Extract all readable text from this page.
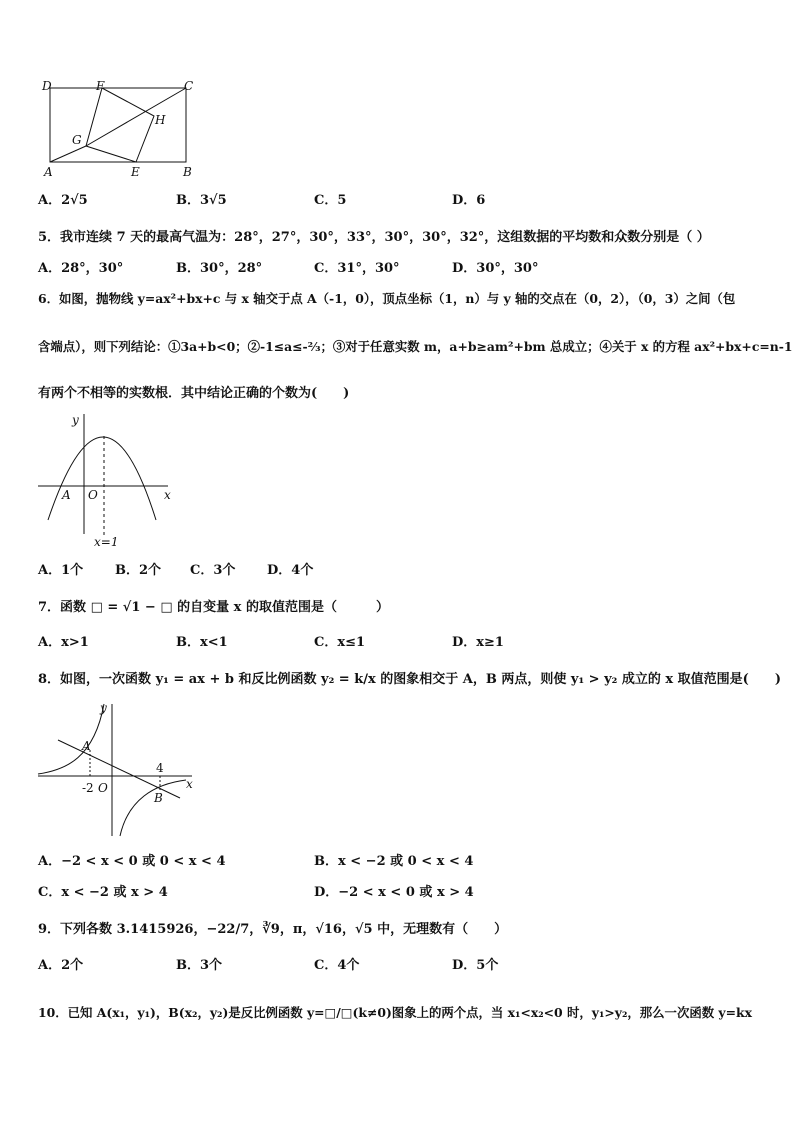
D	F	C
G
H
A	E	B
A．2√5	B．3√5	C．5	D．6
5．我市连续 7 天的最高气温为：28°，27°，30°，33°，30°，30°，32°，这组数据的平均数和众数分别是（ ）
A．28°，30°	B．30°，28°	C．31°，30°	D．30°，30°
6．如图，抛物线 y=ax²+bx+c 与 x 轴交于点 A（-1，0），顶点坐标（1，n）与 y 轴的交点在（0，2），（0，3）之间（包
含端点），则下列结论：①3a+b<0；②-1≤a≤-⅔；③对于任意实数 m，a+b≥am²+bm 总成立；④关于 x 的方程 ax²+bx+c=n-1
有两个不相等的实数根．其中结论正确的个数为(　　)
y
A O	x
x=1
A．1个 B．2个 C．3个 D．4个
7．函数 □ = √1 − □ 的自变量 x 的取值范围是（　　　）
A．x>1	B．x<1	C．x≤1	D．x≥1
8．如图，一次函数 y₁ = ax + b 和反比例函数 y₂ = k/x 的图象相交于 A，B 两点，则使 y₁ > y₂ 成立的 x 取值范围是(　　)
y
A
4
-2 O
B
x
A．−2 < x < 0 或 0 < x < 4	B．x < −2 或 0 < x < 4
C．x < −2 或 x > 4	D．−2 < x < 0 或 x > 4
9．下列各数 3.1415926，−22/7，∛9，π，√16，√5 中，无理数有（　　）
A．2个	B．3个	C．4个	D．5个
10．已知 A(x₁，y₁)，B(x₂，y₂)是反比例函数 y=□/□(k≠0)图象上的两个点，当 x₁<x₂<0 时，y₁>y₂，那么一次函数 y=kx
